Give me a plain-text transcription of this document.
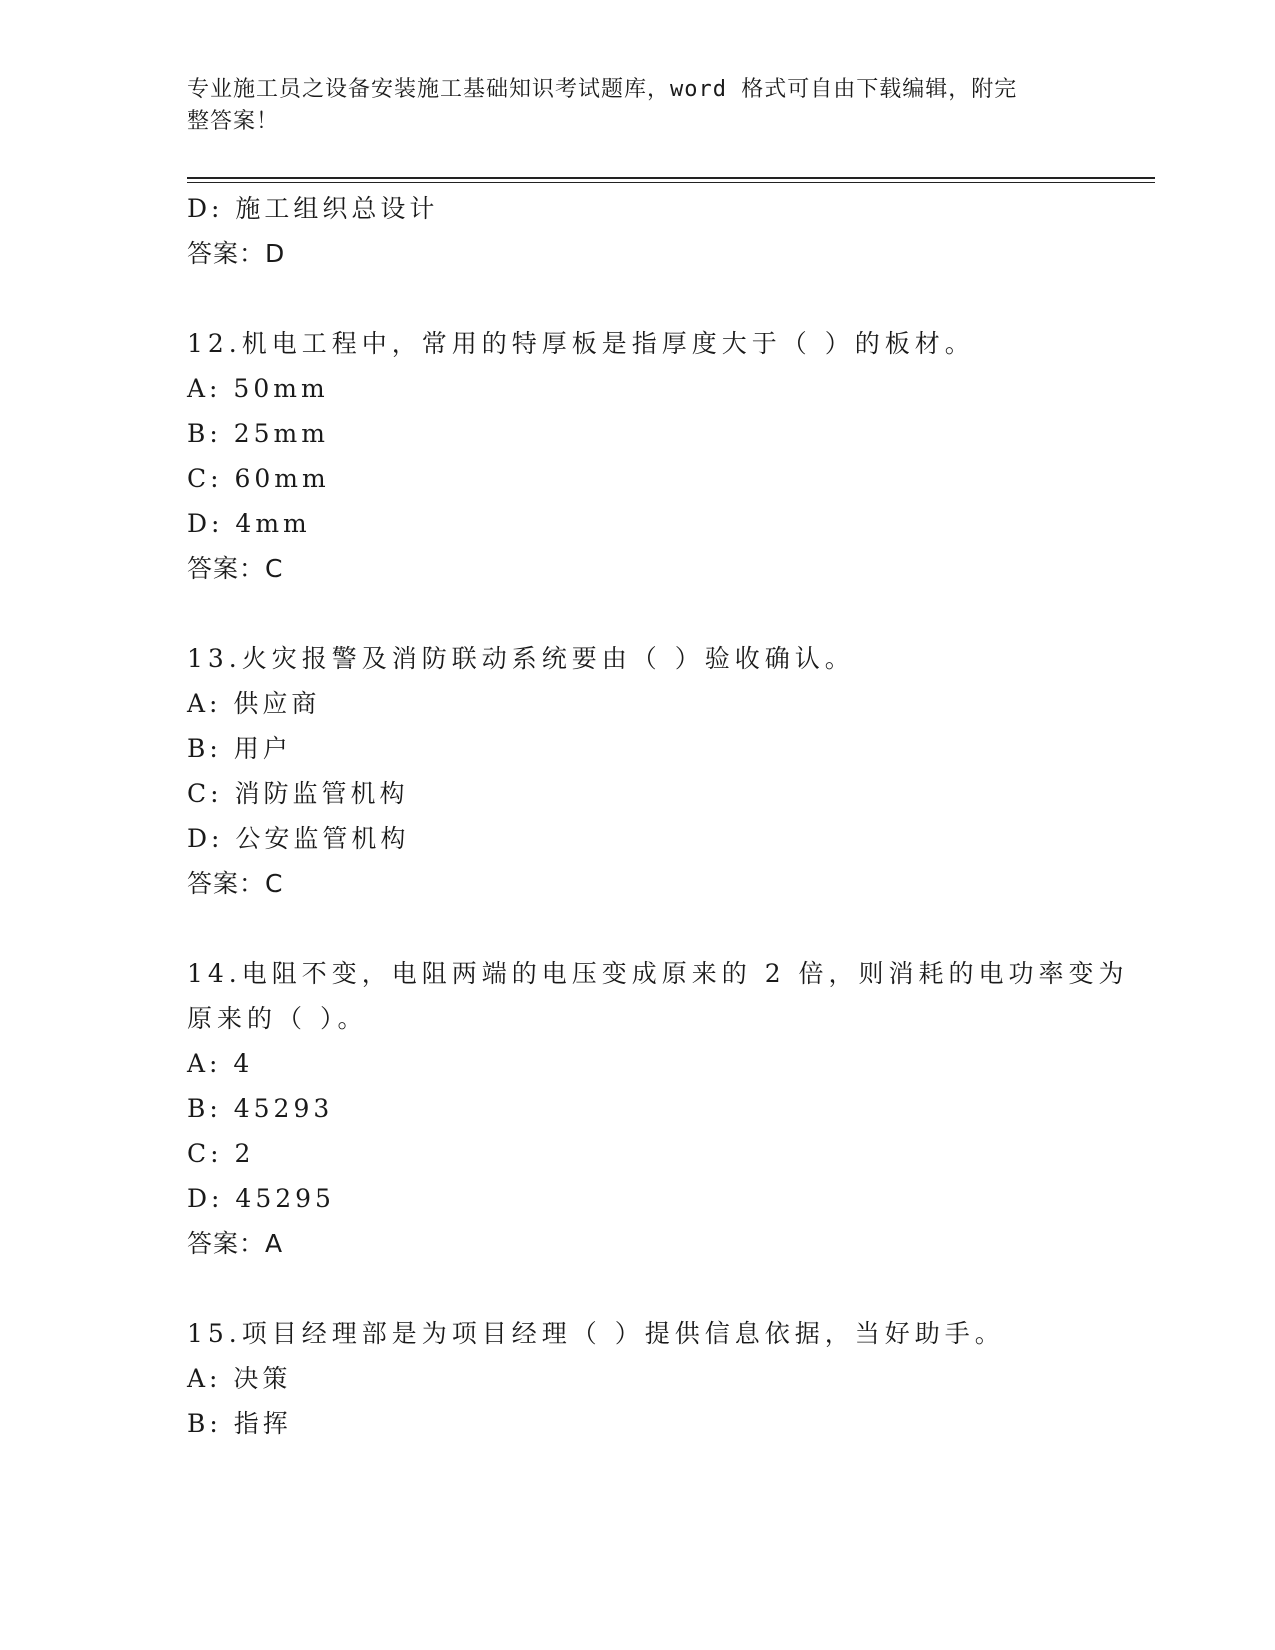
专业施工员之设备安装施工基础知识考试题库，word 格式可自由下载编辑，附完
整答案！
D: 施工组织总设计
答案：D
12.机电工程中，常用的特厚板是指厚度大于（ ）的板材。
A: 50mm
B: 25mm
C: 60mm
D: 4mm
答案：C
13.火灾报警及消防联动系统要由（ ）验收确认。
A: 供应商
B: 用户
C: 消防监管机构
D: 公安监管机构
答案：C
14.电阻不变，电阻两端的电压变成原来的 2 倍，则消耗的电功率变为
原来的（ ）。
A: 4
B: 45293
C: 2
D: 45295
答案：A
15.项目经理部是为项目经理（ ）提供信息依据，当好助手。
A: 决策
B: 指挥
